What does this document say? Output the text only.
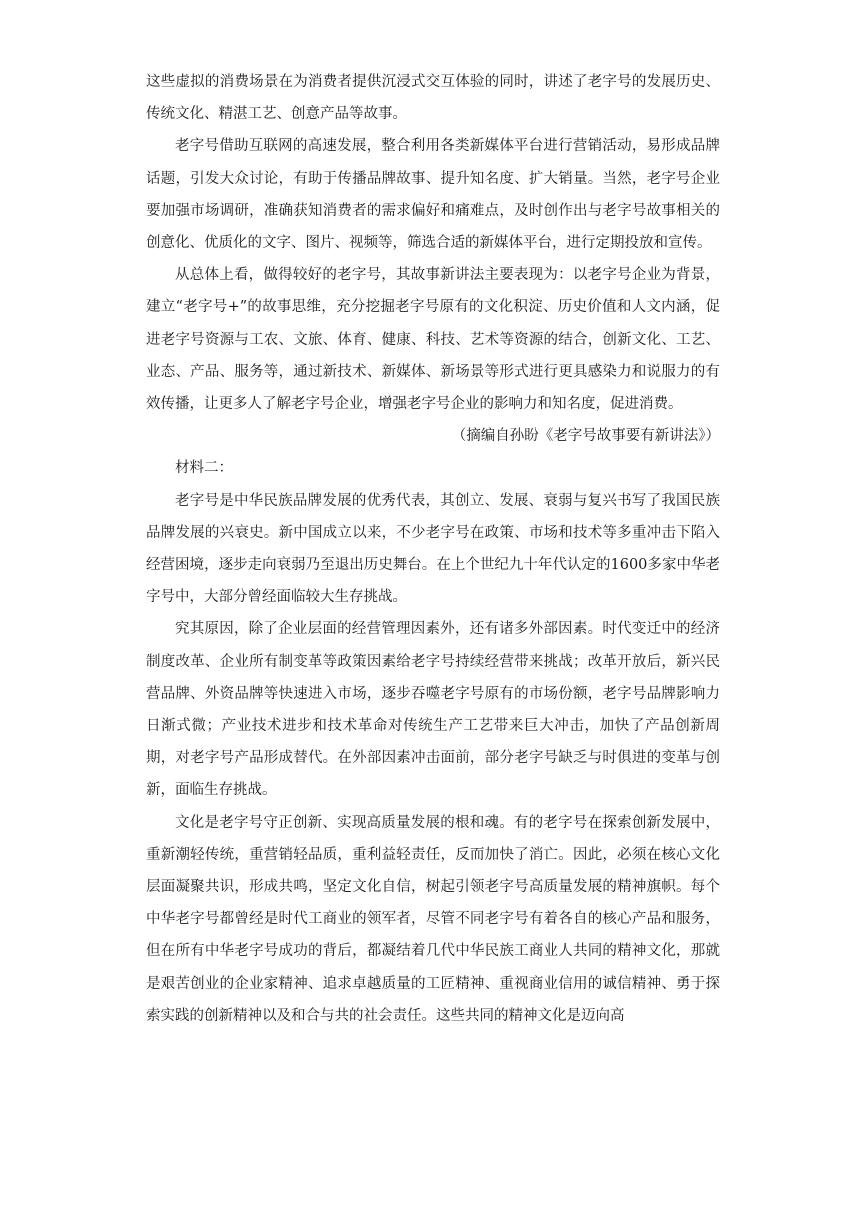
这些虚拟的消费场景在为消费者提供沉浸式交互体验的同时，讲述了老字号的发展历史、传统文化、精湛工艺、创意产品等故事。

老字号借助互联网的高速发展，整合利用各类新媒体平台进行营销活动，易形成品牌话题，引发大众讨论，有助于传播品牌故事、提升知名度、扩大销量。当然，老字号企业要加强市场调研，准确获知消费者的需求偏好和痛难点，及时创作出与老字号故事相关的创意化、优质化的文字、图片、视频等，筛选合适的新媒体平台，进行定期投放和宣传。

从总体上看，做得较好的老字号，其故事新讲法主要表现为：以老字号企业为背景，建立“老字号+”的故事思维，充分挖掘老字号原有的文化积淀、历史价值和人文内涵，促进老字号资源与工农、文旅、体育、健康、科技、艺术等资源的结合，创新文化、工艺、业态、产品、服务等，通过新技术、新媒体、新场景等形式进行更具感染力和说服力的有效传播，让更多人了解老字号企业，增强老字号企业的影响力和知名度，促进消费。

（摘编自孙盼《老字号故事要有新讲法》）

材料二：

老字号是中华民族品牌发展的优秀代表，其创立、发展、衰弱与复兴书写了我国民族品牌发展的兴衰史。新中国成立以来，不少老字号在政策、市场和技术等多重冲击下陷入经营困境，逐步走向衰弱乃至退出历史舞台。在上个世纪九十年代认定的1600多家中华老字号中，大部分曾经面临较大生存挑战。

究其原因，除了企业层面的经营管理因素外，还有诸多外部因素。时代变迁中的经济制度改革、企业所有制变革等政策因素给老字号持续经营带来挑战；改革开放后，新兴民营品牌、外资品牌等快速进入市场，逐步吞噬老字号原有的市场份额，老字号品牌影响力日渐式微；产业技术进步和技术革命对传统生产工艺带来巨大冲击，加快了产品创新周期，对老字号产品形成替代。在外部因素冲击面前，部分老字号缺乏与时俱进的变革与创新，面临生存挑战。

文化是老字号守正创新、实现高质量发展的根和魂。有的老字号在探索创新发展中，重新潮轻传统，重营销轻品质，重利益轻责任，反而加快了消亡。因此，必须在核心文化层面凝聚共识，形成共鸣，坚定文化自信，树起引领老字号高质量发展的精神旗帜。每个中华老字号都曾经是时代工商业的领军者，尽管不同老字号有着各自的核心产品和服务，但在所有中华老字号成功的背后，都凝结着几代中华民族工商业人共同的精神文化，那就是艰苦创业的企业家精神、追求卓越质量的工匠精神、重视商业信用的诚信精神、勇于探索实践的创新精神以及和合与共的社会责任。这些共同的精神文化是迈向高
